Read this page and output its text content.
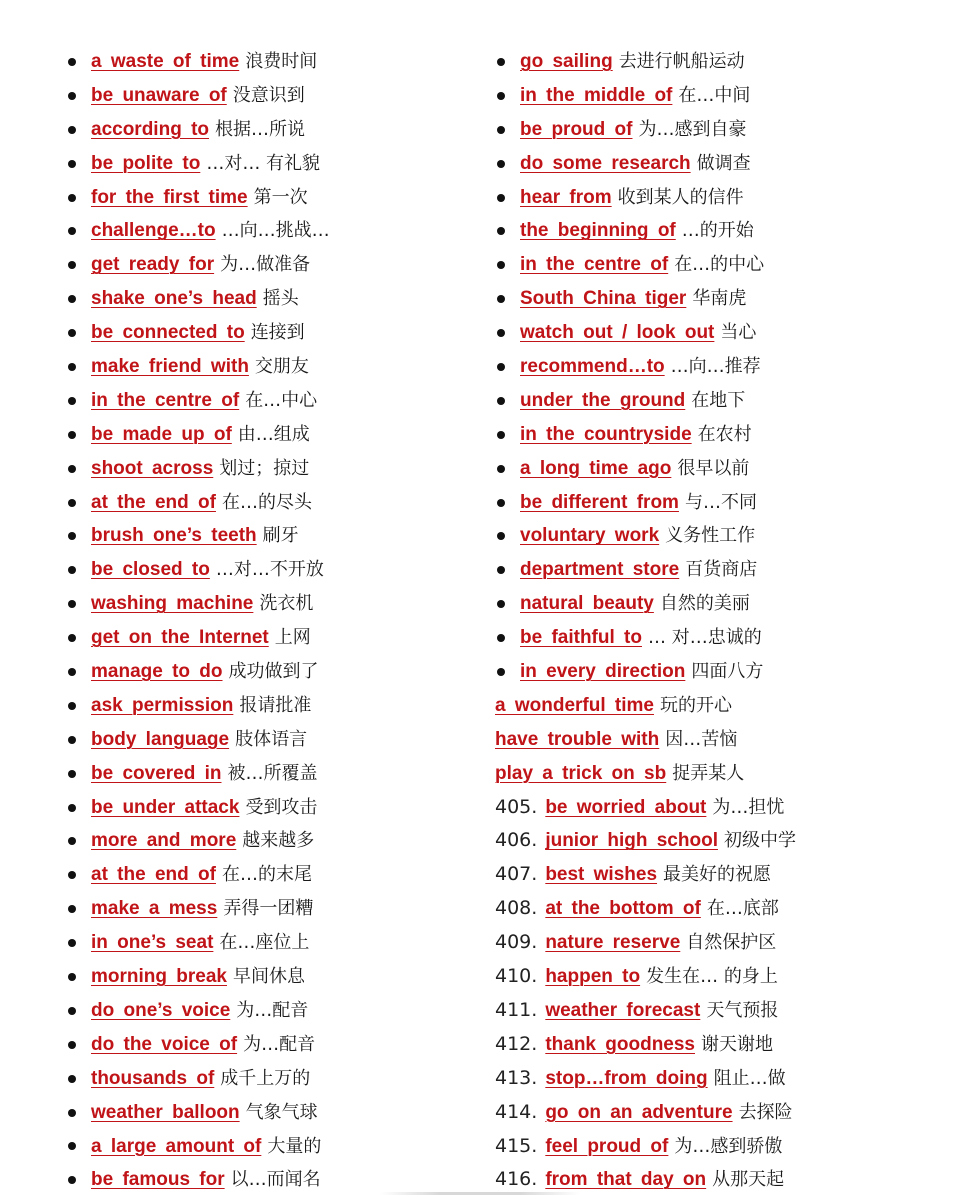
a waste of time 浪费时间
be unaware of 没意识到
according to 根据…所说
be polite to …对… 有礼貌
for the first time 第一次
challenge…to …向…挑战…
get ready for 为…做准备
shake one’s head 摇头
be connected to 连接到
make friend with 交朋友
in the centre of 在…中心
be made up of 由…组成
shoot across 划过；掠过
at the end of 在…的尽头
brush one’s teeth 刷牙
be closed to …对…不开放
washing machine 洗衣机
get on the Internet 上网
manage to do 成功做到了
ask permission 报请批准
body language 肢体语言
be covered in 被…所覆盖
be under attack 受到攻击
more and more 越来越多
at the end of 在…的末尾
make a mess 弄得一团糟
in one’s seat 在…座位上
morning break 早间休息
do one’s voice 为…配音
do the voice of 为…配音
thousands of 成千上万的
weather balloon 气象气球
a large amount of 大量的
be famous for 以…而闻名
go sailing 去进行帆船运动
in the middle of 在…中间
be proud of 为…感到自豪
do some research 做调查
hear from 收到某人的信件
the beginning of …的开始
in the centre of 在…的中心
South China tiger 华南虎
watch out / look out 当心
recommend…to …向…推荐
under the ground 在地下
in the countryside 在农村
a long time ago 很早以前
be different from 与…不同
voluntary work 义务性工作
department store 百货商店
natural beauty 自然的美丽
be faithful to … 对…忠诚的
in every direction 四面八方
a wonderful time 玩的开心
have trouble with 因…苦恼
play a trick on sb 捉弄某人
405. be worried about 为…担忧
406. junior high school 初级中学
407. best wishes 最美好的祝愿
408. at the bottom of 在…底部
409. nature reserve 自然保护区
410. happen to 发生在… 的身上
411. weather forecast 天气预报
412. thank goodness 谢天谢地
413. stop…from doing 阻止…做
414. go on an adventure 去探险
415. feel proud of 为…感到骄傲
416. from that day on 从那天起
